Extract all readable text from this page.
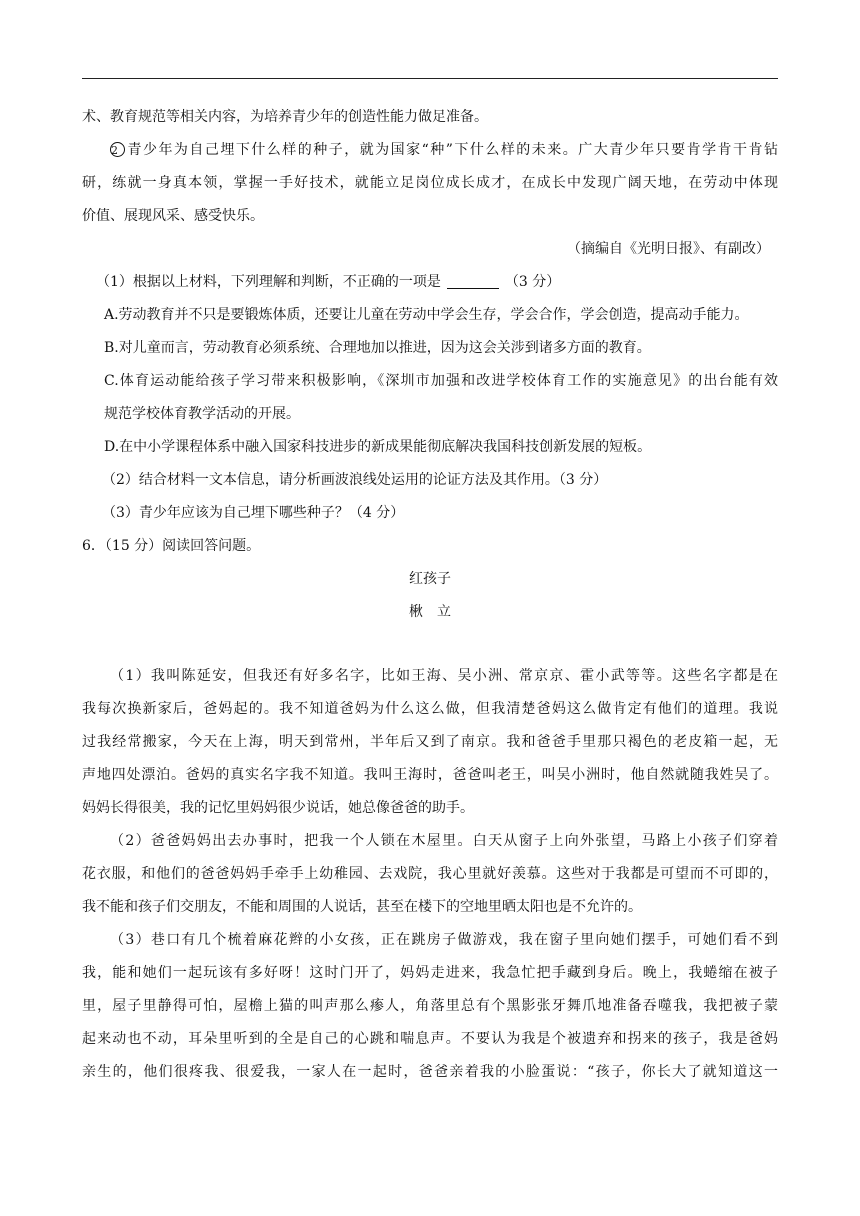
术、教育规范等相关内容，为培养青少年的创造性能力做足准备。
2 青少年为自己埋下什么样的种子，就为国家“种”下什么样的未来。广大青少年只要肯学肯干肯钻
研，练就一身真本领，掌握一手好技术，就能立足岗位成长成才，在成长中发现广阔天地，在劳动中体现
价值、展现风采、感受快乐。
（摘编自《光明日报》、有副改）
（1）根据以上材料，下列理解和判断，不正确的一项是	（3 分）
A.劳动教育并不只是要锻炼体质，还要让儿童在劳动中学会生存，学会合作，学会创造，提高动手能力。
B.对儿童而言，劳动教育必须系统、合理地加以推进，因为这会关涉到诸多方面的教育。
C.体育运动能给孩子学习带来积极影响，《深圳市加强和改进学校体育工作的实施意见》的出台能有效
规范学校体育教学活动的开展。
D.在中小学课程体系中融入国家科技进步的新成果能彻底解决我国科技创新发展的短板。
（2）结合材料一文本信息，请分析画波浪线处运用的论证方法及其作用。（3 分）
（3）青少年应该为自己埋下哪些种子？（4 分）
6．（15 分）阅读回答问题。
红孩子
楸　立
（1）我叫陈延安，但我还有好多名字，比如王海、吴小洲、常京京、霍小武等等。这些名字都是在
我每次换新家后，爸妈起的。我不知道爸妈为什么这么做，但我清楚爸妈这么做肯定有他们的道理。我说
过我经常搬家，今天在上海，明天到常州，半年后又到了南京。我和爸爸手里那只褐色的老皮箱一起，无
声地四处漂泊。爸妈的真实名字我不知道。我叫王海时，爸爸叫老王，叫吴小洲时，他自然就随我姓吴了。
妈妈长得很美，我的记忆里妈妈很少说话，她总像爸爸的助手。
（2）爸爸妈妈出去办事时，把我一个人锁在木屋里。白天从窗子上向外张望，马路上小孩子们穿着
花衣服，和他们的爸爸妈妈手牵手上幼稚园、去戏院，我心里就好羡慕。这些对于我都是可望而不可即的，
我不能和孩子们交朋友，不能和周围的人说话，甚至在楼下的空地里晒太阳也是不允许的。
（3）巷口有几个梳着麻花辫的小女孩，正在跳房子做游戏，我在窗子里向她们摆手，可她们看不到
我，能和她们一起玩该有多好呀！这时门开了，妈妈走进来，我急忙把手藏到身后。晚上，我蜷缩在被子
里，屋子里静得可怕，屋檐上猫的叫声那么瘆人，角落里总有个黑影张牙舞爪地准备吞噬我，我把被子蒙
起来动也不动，耳朵里听到的全是自己的心跳和喘息声。不要认为我是个被遗弃和拐来的孩子，我是爸妈
亲生的，他们很疼我、很爱我，一家人在一起时，爸爸亲着我的小脸蛋说：“孩子，你长大了就知道这一
